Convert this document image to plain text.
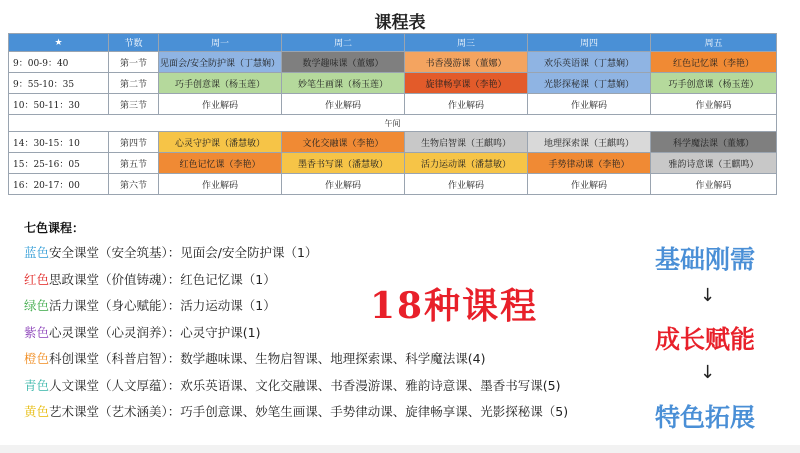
课程表
★	节数	周一	周二	周三	周四	周五
9：00-9：40	第一节	见面会/安全防护课（丁慧娴）	数学趣味课（董娜）	书香漫游课（董娜）	欢乐英语课（丁慧娴）	红色记忆课（李艳）
9：55-10：35	第二节	巧手创意课（杨玉莲）	妙笔生画课（杨玉莲）	旋律畅享课（李艳）	光影探秘课（丁慧娴）	巧手创意课（杨玉莲）
10：50-11：30	第三节	作业解码	作业解码	作业解码	作业解码	作业解码
午间						
14：30-15：10	第四节	心灵守护课（潘慧敏）	文化交融课（李艳）	生物启智课（王麒鸣）	地理探索课（王麒鸣）	科学魔法课（董娜）
15：25-16：05	第五节	红色记忆课（李艳）	墨香书写课（潘慧敏）	活力运动课（潘慧敏）	手势律动课（李艳）	雅韵诗意课（王麒鸣）
16：20-17：00	第六节	作业解码	作业解码	作业解码	作业解码	作业解码
七色课程：
蓝色安全课堂（安全筑基）：见面会/安全防护课（1）
红色思政课堂（价值铸魂）：红色记忆课（1）
绿色活力课堂（身心赋能）：活力运动课（1）
紫色心灵课堂（心灵润养）：心灵守护课(1)
橙色科创课堂（科普启智）：数学趣味课、生物启智课、地理探索课、科学魔法课(4)
青色人文课堂（人文厚蕴）：欢乐英语课、文化交融课、书香漫游课、雅韵诗意课、墨香书写课(5)
黄色艺术课堂（艺术涵美）：巧手创意课、妙笔生画课、手势律动课、旋律畅享课、光影探秘课（5)
18种课程
基础刚需
↓
成长赋能
↓
特色拓展
